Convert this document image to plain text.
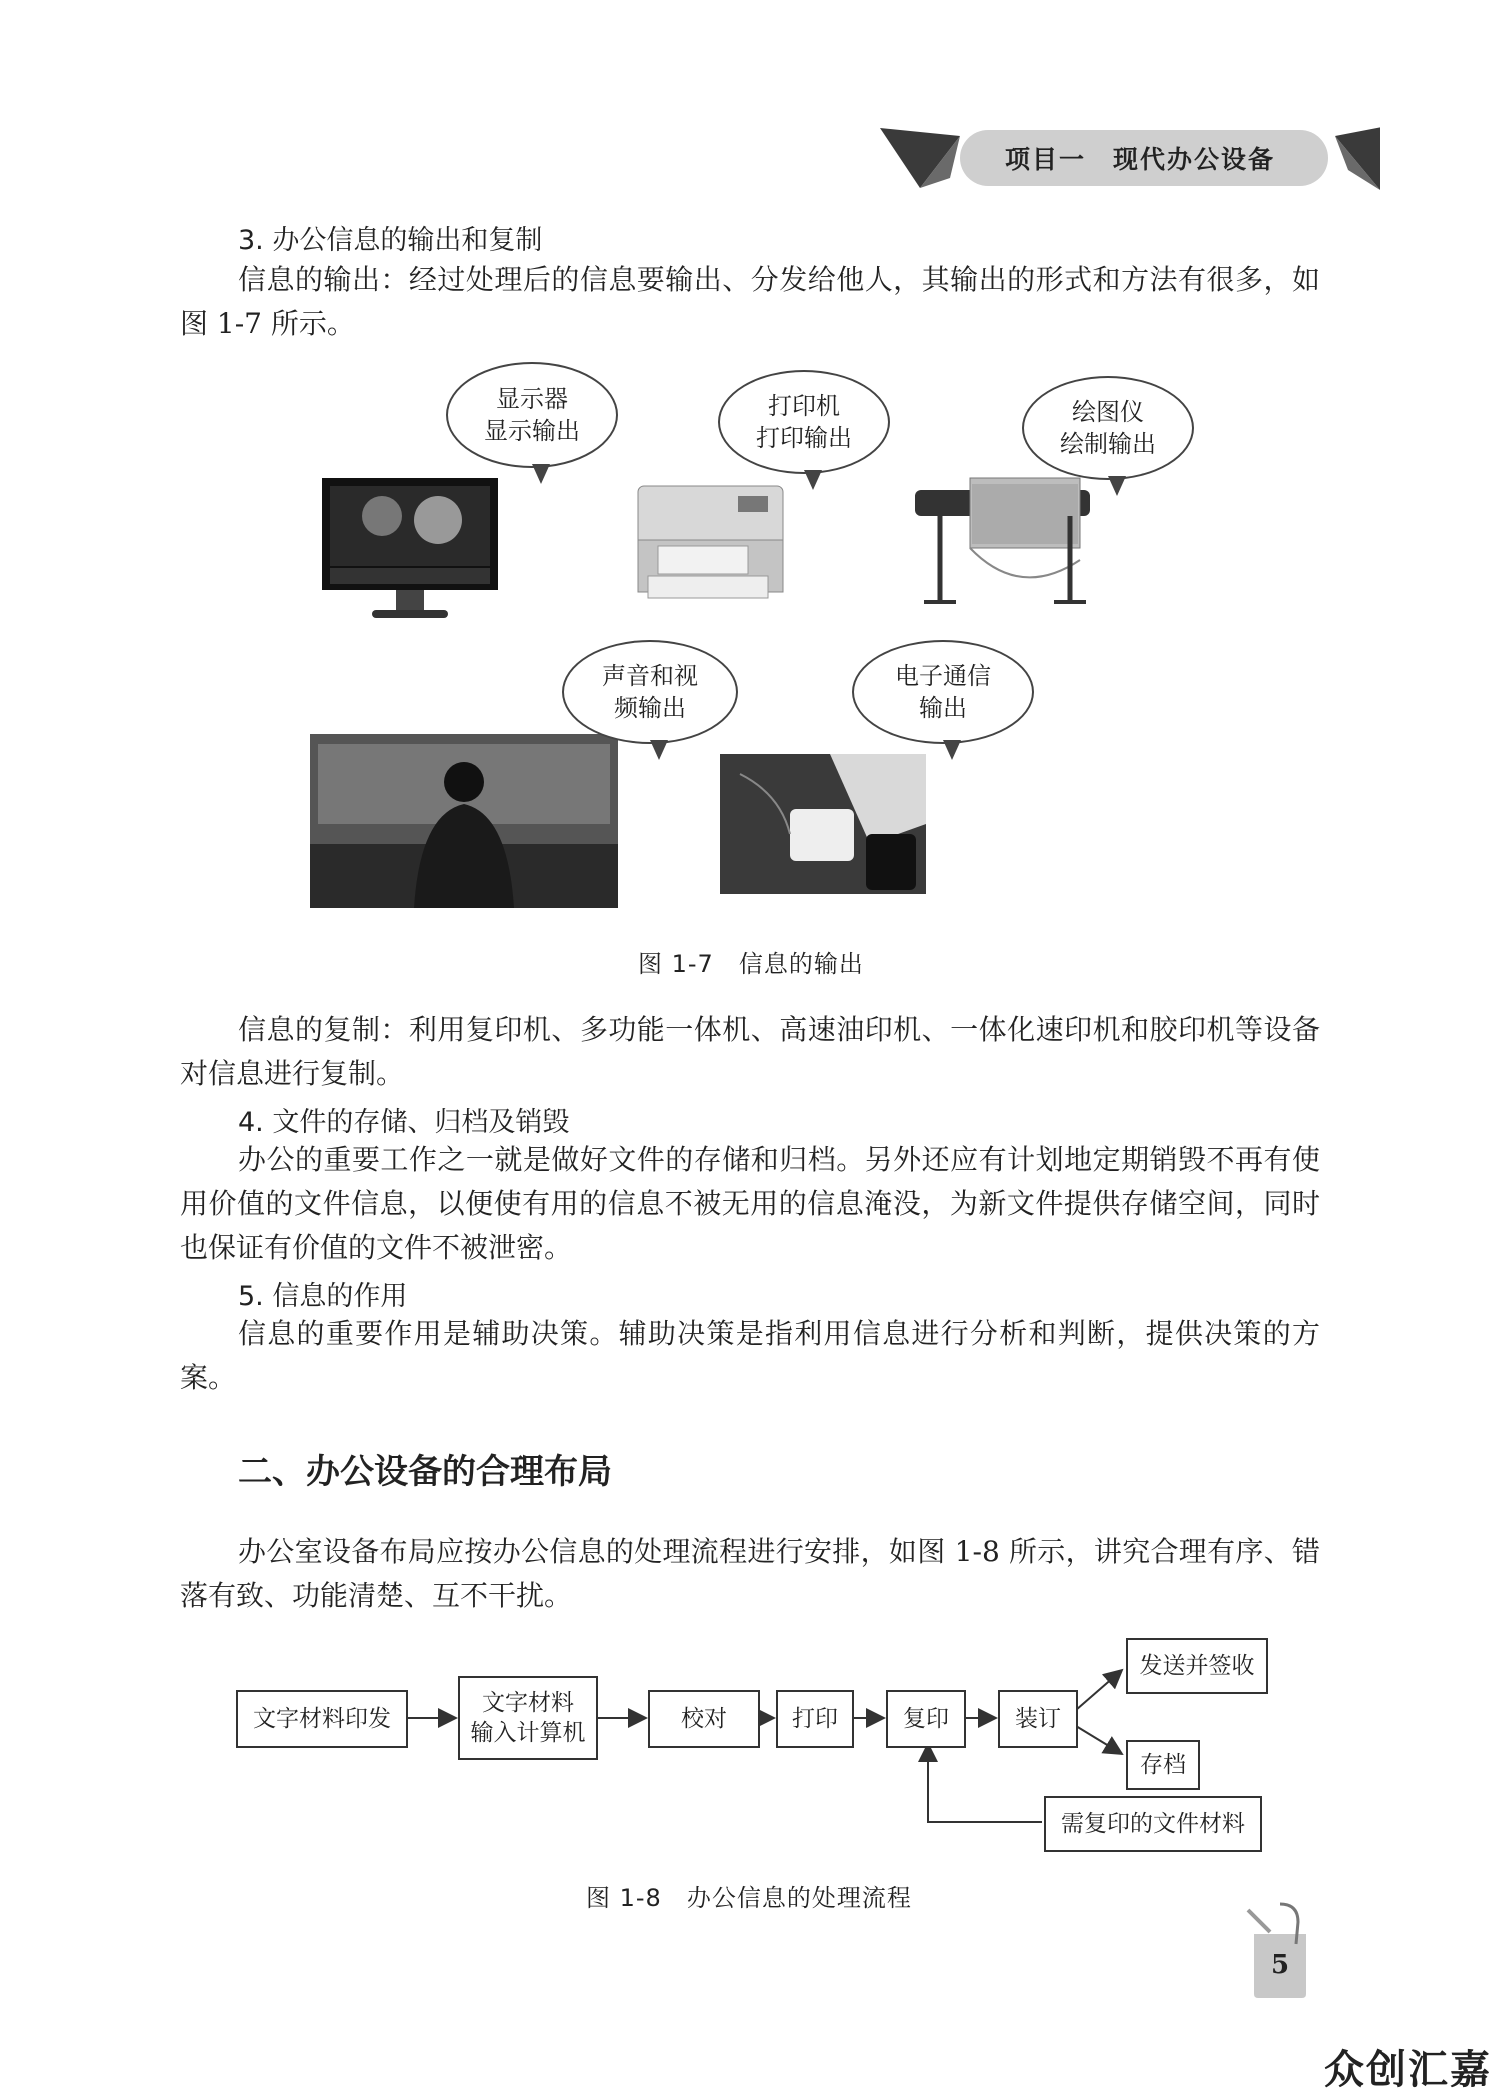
项目一　现代办公设备
3. 办公信息的输出和复制

信息的输出：经过处理后的信息要输出、分发给他人，其输出的形式和方法有很多，如图 1-7 所示。

显示器
显示输出
打印机
打印输出
绘图仪
绘制输出
声音和视
频输出
电子通信
输出
图 1-7　信息的输出

信息的复制：利用复印机、多功能一体机、高速油印机、一体化速印机和胶印机等设备对信息进行复制。

4. 文件的存储、归档及销毁

办公的重要工作之一就是做好文件的存储和归档。另外还应有计划地定期销毁不再有使用价值的文件信息，以便使有用的信息不被无用的信息淹没，为新文件提供存储空间，同时也保证有价值的文件不被泄密。

5. 信息的作用

信息的重要作用是辅助决策。辅助决策是指利用信息进行分析和判断，提供决策的方案。

二、办公设备的合理布局

办公室设备布局应按办公信息的处理流程进行安排，如图 1-8 所示，讲究合理有序、错落有致、功能清楚、互不干扰。

文字材料印发
文字材料
输入计算机
校对	打印	复印	装订
发送并签收
存档
需复印的文件材料
图 1-8　办公信息的处理流程
5
众创汇嘉
